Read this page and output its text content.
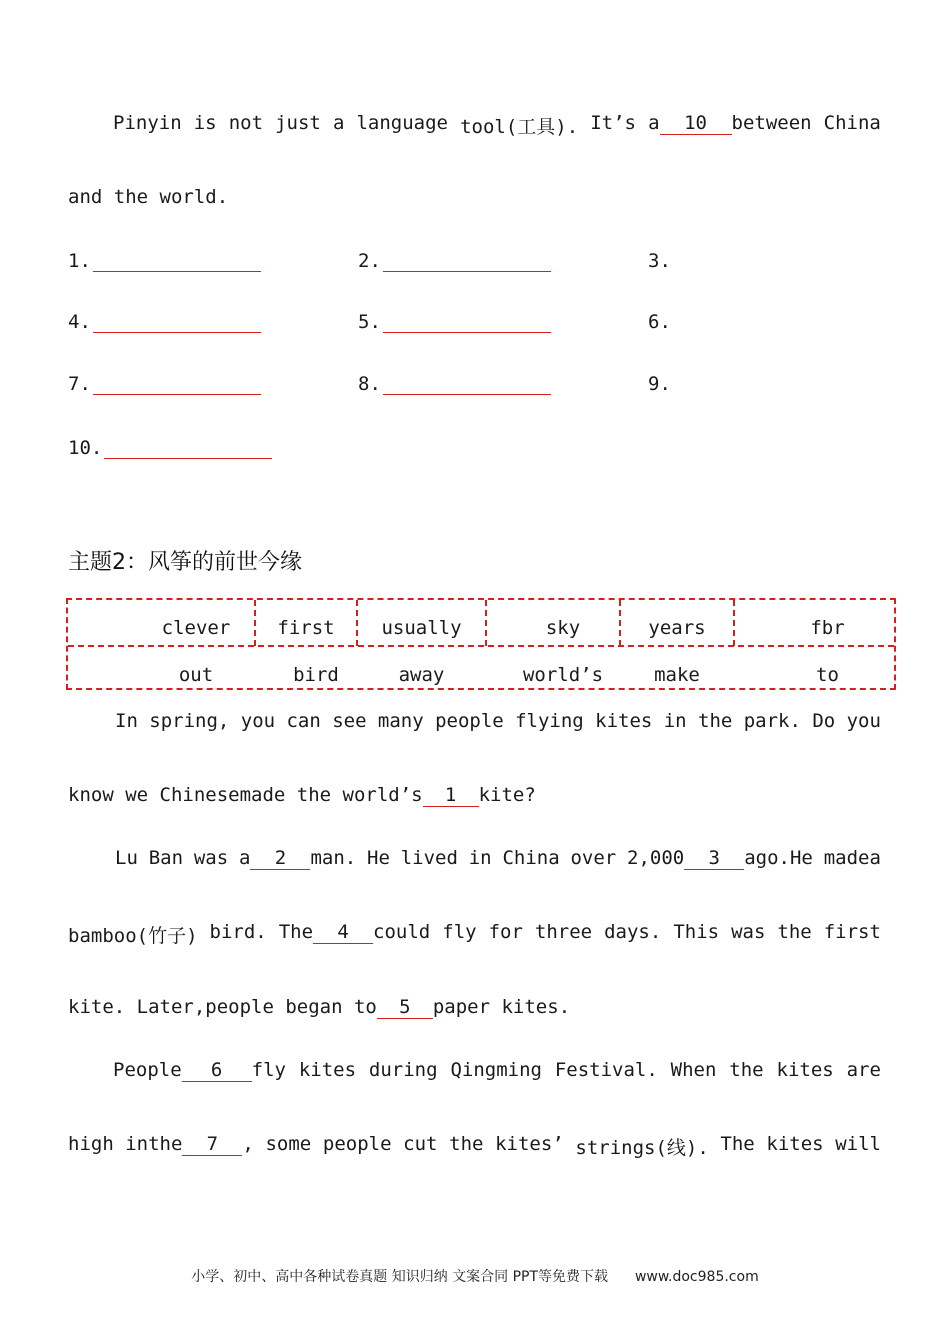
Pinyin is not just a language tool(工具). It’s a 10 between China
and the world.
1.	2.	3.
4.	5.	6.
7.	8.	9.
10.
主题2：风筝的前世今缘
clever	first	usually	sky	years	fbr
out	bird	away	world’s	make	to
In spring, you can see many people flying kites in the park. Do you
know we Chinesemade the world’s 1 kite?
Lu Ban was a 2 man. He lived in China over 2,000 3 ago.He madea
bamboo(竹子) bird. The 4 could fly for three days. This was the first
kite. Later,people began to 5 paper kites.
People 6 fly kites during Qingming Festival. When the kites are
high inthe 7 , some people cut the kites’ strings(线). The kites will
小学、初中、高中各种试卷真题 知识归纳 文案合同 PPT等免费下载 www.doc985.com
